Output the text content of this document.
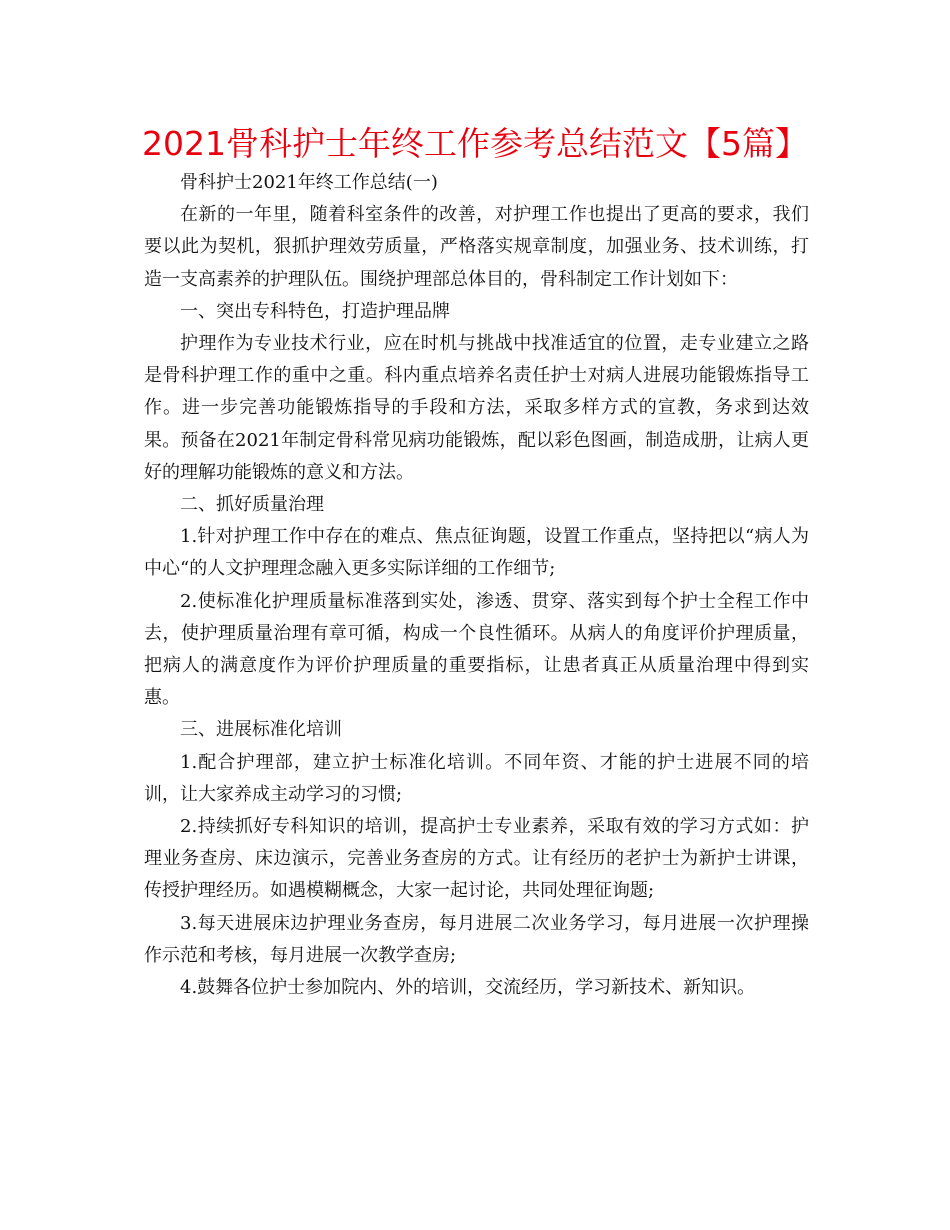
2021骨科护士年终工作参考总结范文【5篇】

骨科护士2021年终工作总结(一)

在新的一年里，随着科室条件的改善，对护理工作也提出了更高的要求，我们要以此为契机，狠抓护理效劳质量，严格落实规章制度，加强业务、技术训练，打造一支高素养的护理队伍。围绕护理部总体目的，骨科制定工作计划如下：

一、突出专科特色，打造护理品牌

护理作为专业技术行业，应在时机与挑战中找准适宜的位置，走专业建立之路是骨科护理工作的重中之重。科内重点培养名责任护士对病人进展功能锻炼指导工作。进一步完善功能锻炼指导的手段和方法，采取多样方式的宣教，务求到达效果。预备在2021年制定骨科常见病功能锻炼，配以彩色图画，制造成册，让病人更好的理解功能锻炼的意义和方法。

二、抓好质量治理

1.针对护理工作中存在的难点、焦点征询题，设置工作重点，坚持把以“病人为中心“的人文护理理念融入更多实际详细的工作细节;

2.使标准化护理质量标准落到实处，渗透、贯穿、落实到每个护士全程工作中去，使护理质量治理有章可循，构成一个良性循环。从病人的角度评价护理质量，把病人的满意度作为评价护理质量的重要指标，让患者真正从质量治理中得到实惠。

三、进展标准化培训

1.配合护理部，建立护士标准化培训。不同年资、才能的护士进展不同的培训，让大家养成主动学习的习惯;

2.持续抓好专科知识的培训，提高护士专业素养，采取有效的学习方式如：护理业务查房、床边演示，完善业务查房的方式。让有经历的老护士为新护士讲课，传授护理经历。如遇模糊概念，大家一起讨论，共同处理征询题;

3.每天进展床边护理业务查房，每月进展二次业务学习，每月进展一次护理操作示范和考核，每月进展一次教学查房;

4.鼓舞各位护士参加院内、外的培训，交流经历，学习新技术、新知识。
